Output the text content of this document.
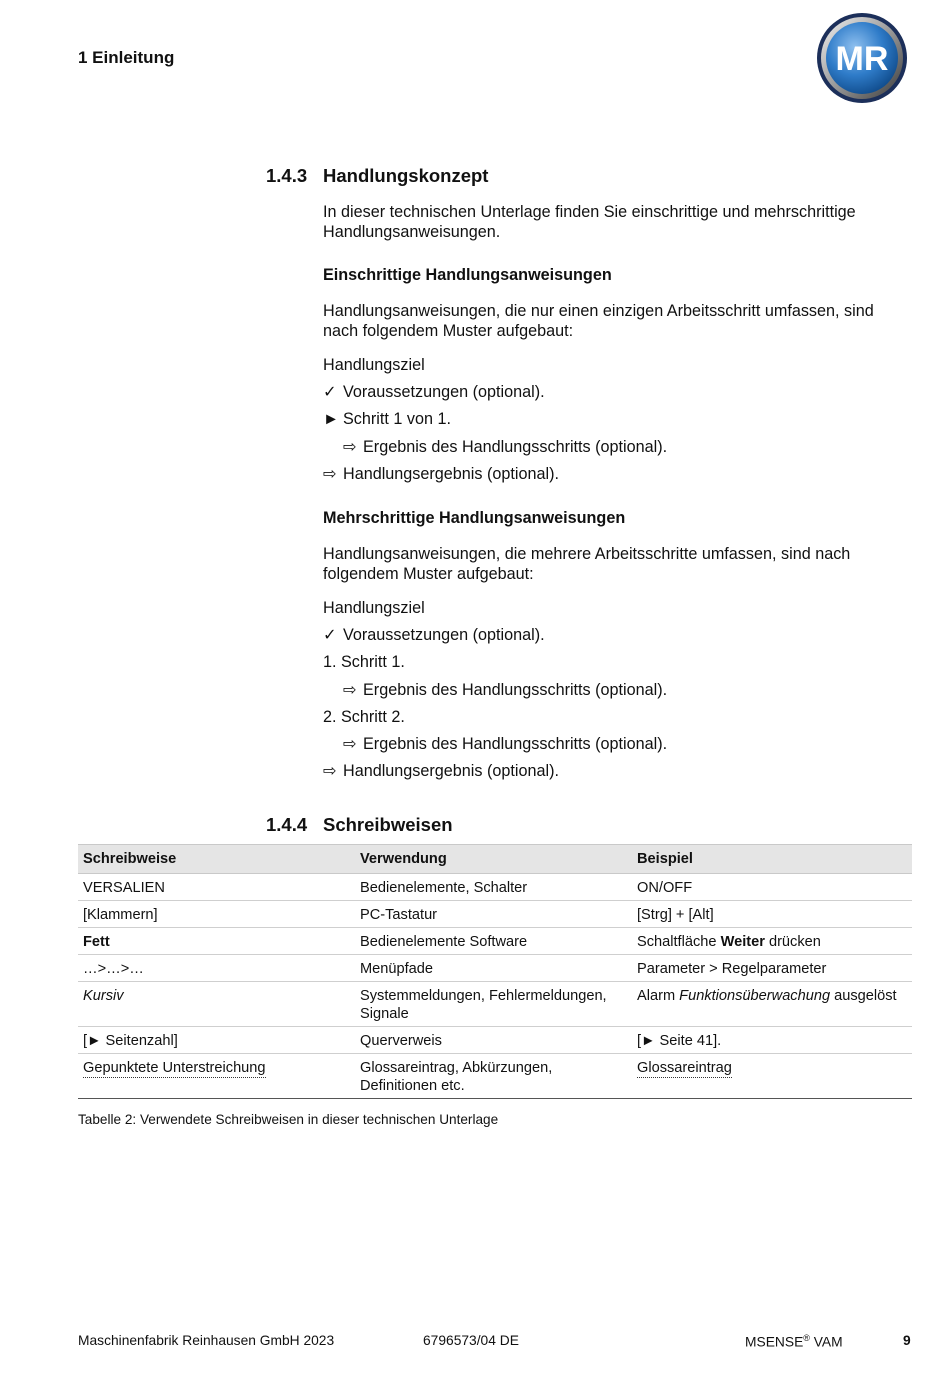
1 Einleitung	MR
1.4.3 Handlungskonzept
In dieser technischen Unterlage finden Sie einschrittige und mehrschrittige Handlungsanweisungen.
Einschrittige Handlungsanweisungen
Handlungsanweisungen, die nur einen einzigen Arbeitsschritt umfassen, sind nach folgendem Muster aufgebaut:
Handlungsziel
✓ Voraussetzungen (optional).
► Schritt 1 von 1.
⇨ Ergebnis des Handlungsschritts (optional).
⇨ Handlungsergebnis (optional).
Mehrschrittige Handlungsanweisungen
Handlungsanweisungen, die mehrere Arbeitsschritte umfassen, sind nach folgendem Muster aufgebaut:
Handlungsziel
✓ Voraussetzungen (optional).
1. Schritt 1.
⇨ Ergebnis des Handlungsschritts (optional).
2. Schritt 2.
⇨ Ergebnis des Handlungsschritts (optional).
⇨ Handlungsergebnis (optional).
1.4.4 Schreibweisen
Schreibweise	Verwendung	Beispiel
VERSALIEN	Bedienelemente, Schalter	ON/OFF
[Klammern]	PC-Tastatur	[Strg] + [Alt]
Fett	Bedienelemente Software	Schaltfläche Weiter drücken
…>…>…	Menüpfade	Parameter > Regelparameter
Kursiv	Systemmeldungen, Fehlermeldungen, Signale	Alarm Funktionsüberwachung ausgelöst
[► Seitenzahl]	Querverweis	[► Seite 41].
Gepunktete Unterstreichung	Glossareintrag, Abkürzungen, Definitionen etc.	Glossareintrag
Tabelle 2: Verwendete Schreibweisen in dieser technischen Unterlage
Maschinenfabrik Reinhausen GmbH 2023	6796573/04 DE	MSENSE® VAM	9
